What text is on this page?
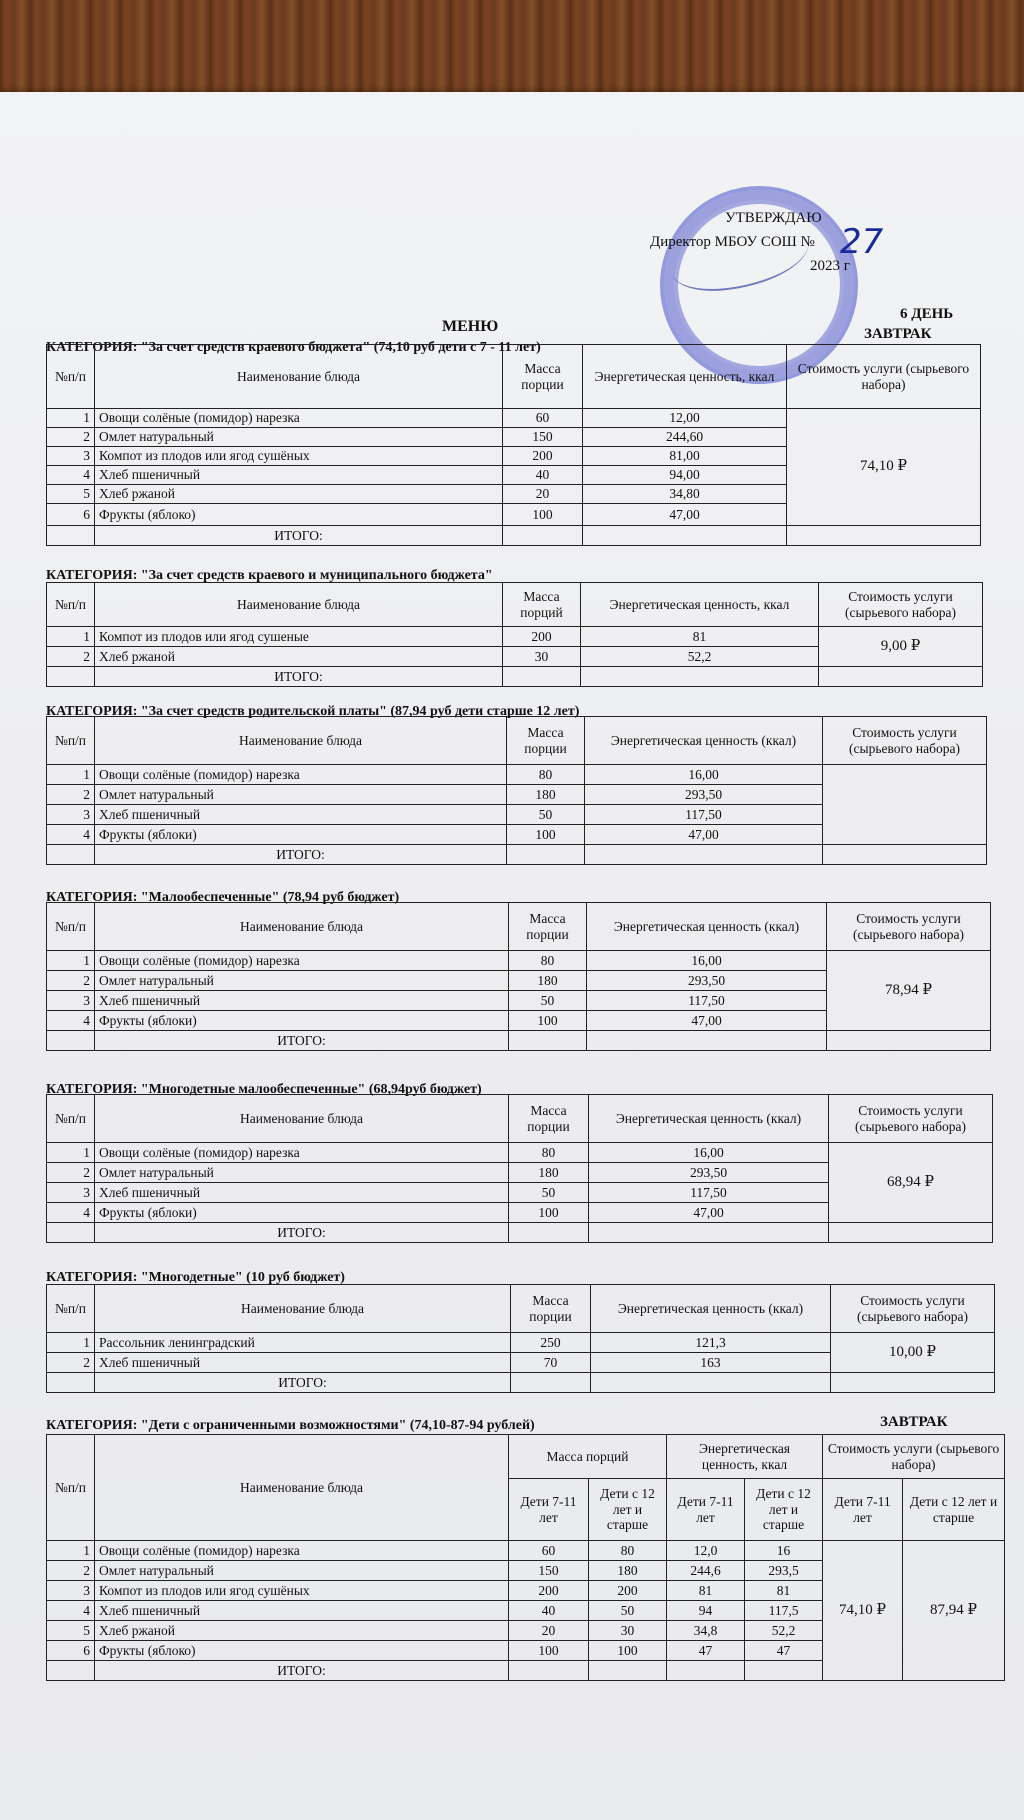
УТВЕРЖДАЮ
Директор МБОУ СОШ № 27
2023 г
МЕНЮ
6 ДЕНЬ
ЗАВТРАК
КАТЕГОРИЯ: "За счет средств краевого бюджета" (74,10 руб дети с 7 - 11 лет)
№п/п	Наименование блюда	Масса порции	Энергетическая ценность, ккал	Стоимость услуги (сырьевого набора)
1	Овощи солёные (помидор) нарезка	60	12,00	74,10 ₽
2	Омлет натуральный	150	244,60	
3	Компот из плодов или ягод сушёных	200	81,00	
4	Хлеб пшеничный	40	94,00	
5	Хлеб ржаной	20	34,80	
6	Фрукты (яблоко)	100	47,00	
	ИТОГО:			
КАТЕГОРИЯ: "За счет средств краевого и муниципального бюджета"
№п/п	Наименование блюда	Масса порций	Энергетическая ценность, ккал	Стоимость услуги (сырьевого набора)
1	Компот из плодов или ягод сушеные	200	81	9,00 ₽
2	Хлеб ржаной	30	52,2	
	ИТОГО:			
КАТЕГОРИЯ: "За счет средств родительской платы" (87,94 руб дети старше 12 лет)
№п/п	Наименование блюда	Масса порции	Энергетическая ценность (ккал)	Стоимость услуги (сырьевого набора)
1	Овощи солёные (помидор) нарезка	80	16,00	
2	Омлет натуральный	180	293,50	
3	Хлеб пшеничный	50	117,50	
4	Фрукты (яблоки)	100	47,00	
	ИТОГО:			
КАТЕГОРИЯ: "Малообеспеченные" (78,94 руб бюджет)
№п/п	Наименование блюда	Масса порции	Энергетическая ценность (ккал)	Стоимость услуги (сырьевого набора)
1	Овощи солёные (помидор) нарезка	80	16,00	78,94 ₽
2	Омлет натуральный	180	293,50	
3	Хлеб пшеничный	50	117,50	
4	Фрукты (яблоки)	100	47,00	
	ИТОГО:			
КАТЕГОРИЯ: "Многодетные малообеспеченные" (68,94руб бюджет)
№п/п	Наименование блюда	Масса порции	Энергетическая ценность (ккал)	Стоимость услуги (сырьевого набора)
1	Овощи солёные (помидор) нарезка	80	16,00	68,94 ₽
2	Омлет натуральный	180	293,50	
3	Хлеб пшеничный	50	117,50	
4	Фрукты (яблоки)	100	47,00	
	ИТОГО:			
КАТЕГОРИЯ: "Многодетные" (10 руб бюджет)
№п/п	Наименование блюда	Масса порции	Энергетическая ценность (ккал)	Стоимость услуги (сырьевого набора)
1	Рассольник ленинградский	250	121,3	10,00 ₽
2	Хлеб пшеничный	70	163	
	ИТОГО:			
КАТЕГОРИЯ: "Дети с ограниченными возможностями" (74,10-87-94 рублей)	ЗАВТРАК
№п/п	Наименование блюда	Масса порций		Энергетическая ценность, ккал		Стоимость услуги (сырьевого набора)	
		Дети 7-11 лет	Дети с 12 лет и старше	Дети 7-11 лет	Дети с 12 лет и старше	Дети 7-11 лет	Дети с 12 лет и старше
1	Овощи солёные (помидор) нарезка	60	80	12,0	16	74,10 ₽	87,94 ₽
2	Омлет натуральный	150	180	244,6	293,5		
3	Компот из плодов или ягод сушёных	200	200	81	81		
4	Хлеб пшеничный	40	50	94	117,5		
5	Хлеб ржаной	20	30	34,8	52,2		
6	Фрукты (яблоко)	100	100	47	47		
	ИТОГО:						
